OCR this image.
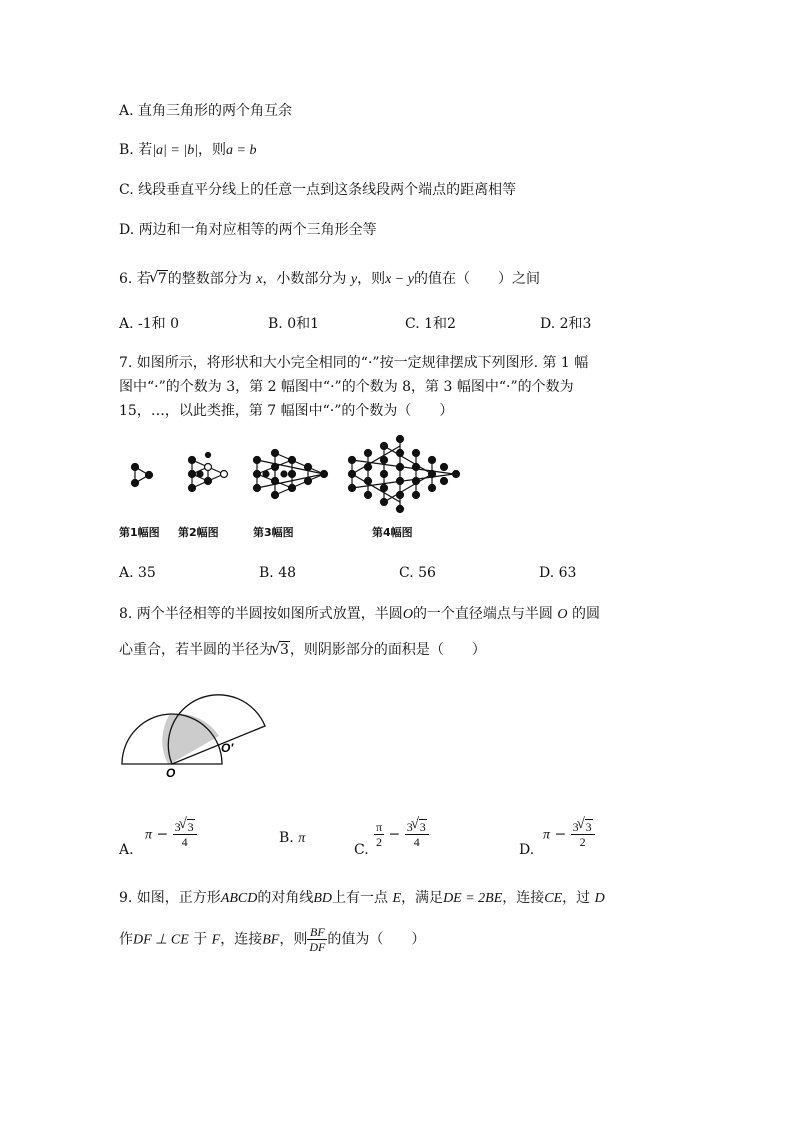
A. 直角三角形的两个角互余
B. 若|a| = |b|，则a = b
C. 线段垂直平分线上的任意一点到这条线段两个端点的距离相等
D. 两边和一角对应相等的两个三角形全等
6. 若 √ 7的整数部分为 x，小数部分为 y，则x − y的值在（　　）之间
A. -1和 0	B. 0和1	C. 1和2	D. 2和3
7. 如图所示，将形状和大小完全相同的“·”按一定规律摆成下列图形. 第 1 幅
图中“·”的个数为 3，第 2 幅图中“·”的个数为 8，第 3 幅图中“·”的个数为
15，…，以此类推，第 7 幅图中“·”的个数为（　　）
第1幅图 第2幅图	第3幅图	第4幅图
A. 35	B. 48	C. 56	D. 63
8. 两个半径相等的半圆按如图所式放置，半圆O的一个直径端点与半圆 O 的圆
心重合，若半圆的半径为 √ 3，则阴影部分的面积是（　　）
O
O′
A.
$\pi - \frac{3 √ 3}{4}$	B. π
C.
$\frac{\pi}{2} - \frac{3 √ 3}{4}$
D.
$\pi - \frac{3 √ 3}{2}$
9. 如图，正方形ABCD的对角线BD上有一点 E，满足DE = 2BE，连接CE，过 D
作DF ⊥ CE 于 F，连接BF，则 $\frac{BF}{DF}$ 的值为（　　）
